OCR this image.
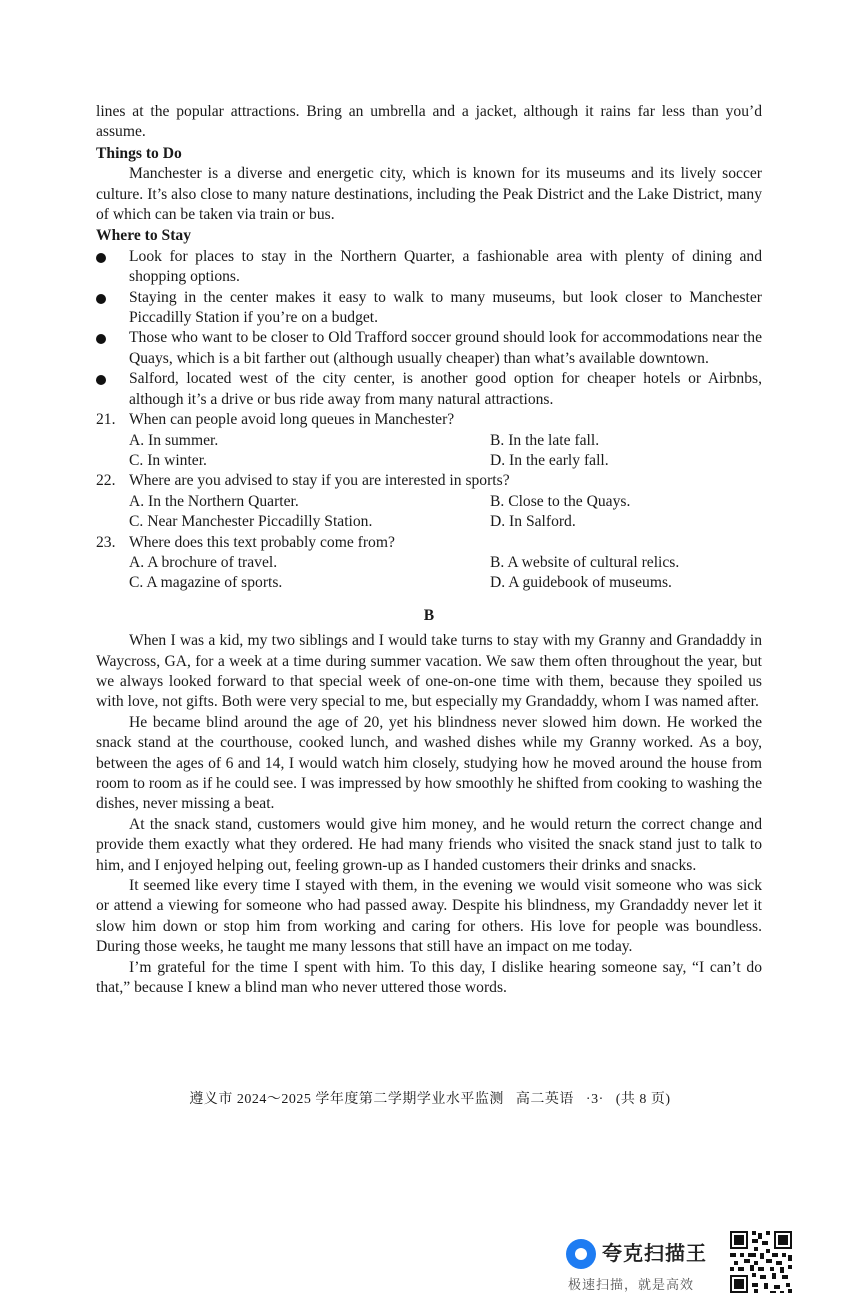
lines at the popular attractions. Bring an umbrella and a jacket, although it rains far less than you’d assume.

Things to Do

Manchester is a diverse and energetic city, which is known for its museums and its lively soccer culture. It’s also close to many nature destinations, including the Peak District and the Lake District, many of which can be taken via train or bus.

Where to Stay

Look for places to stay in the Northern Quarter, a fashionable area with plenty of dining and shopping options.
Staying in the center makes it easy to walk to many museums, but look closer to Manchester Piccadilly Station if you’re on a budget.
Those who want to be closer to Old Trafford soccer ground should look for accommodations near the Quays, which is a bit farther out (although usually cheaper) than what’s available downtown.
Salford, located west of the city center, is another good option for cheaper hotels or Airbnbs, although it’s a drive or bus ride away from many natural attractions.
21. When can people avoid long queues in Manchester?
A. In summer.	B. In the late fall.
C. In winter.	D. In the early fall.
22. Where are you advised to stay if you are interested in sports?
A. In the Northern Quarter.	B. Close to the Quays.
C. Near Manchester Piccadilly Station.	D. In Salford.
23. Where does this text probably come from?
A. A brochure of travel.	B. A website of cultural relics.
C. A magazine of sports.	D. A guidebook of museums.

B

When I was a kid, my two siblings and I would take turns to stay with my Granny and Grandaddy in Waycross, GA, for a week at a time during summer vacation. We saw them often throughout the year, but we always looked forward to that special week of one-on-one time with them, because they spoiled us with love, not gifts. Both were very special to me, but especially my Grandaddy, whom I was named after.

He became blind around the age of 20, yet his blindness never slowed him down. He worked the snack stand at the courthouse, cooked lunch, and washed dishes while my Granny worked. As a boy, between the ages of 6 and 14, I would watch him closely, studying how he moved around the house from room to room as if he could see. I was impressed by how smoothly he shifted from cooking to washing the dishes, never missing a beat.

At the snack stand, customers would give him money, and he would return the correct change and provide them exactly what they ordered. He had many friends who visited the snack stand just to talk to him, and I enjoyed helping out, feeling grown-up as I handed customers their drinks and snacks.

It seemed like every time I stayed with them, in the evening we would visit someone who was sick or attend a viewing for someone who had passed away. Despite his blindness, my Grandaddy never let it slow him down or stop him from working and caring for others. His love for people was boundless. During those weeks, he taught me many lessons that still have an impact on me today.

I’m grateful for the time I spent with him. To this day, I dislike hearing someone say, “I can’t do that,” because I knew a blind man who never uttered those words.

遵义市 2024～2025 学年度第二学期学业水平监测 高二英语 ·3· (共 8 页)
夸克扫描王
极速扫描，就是高效
